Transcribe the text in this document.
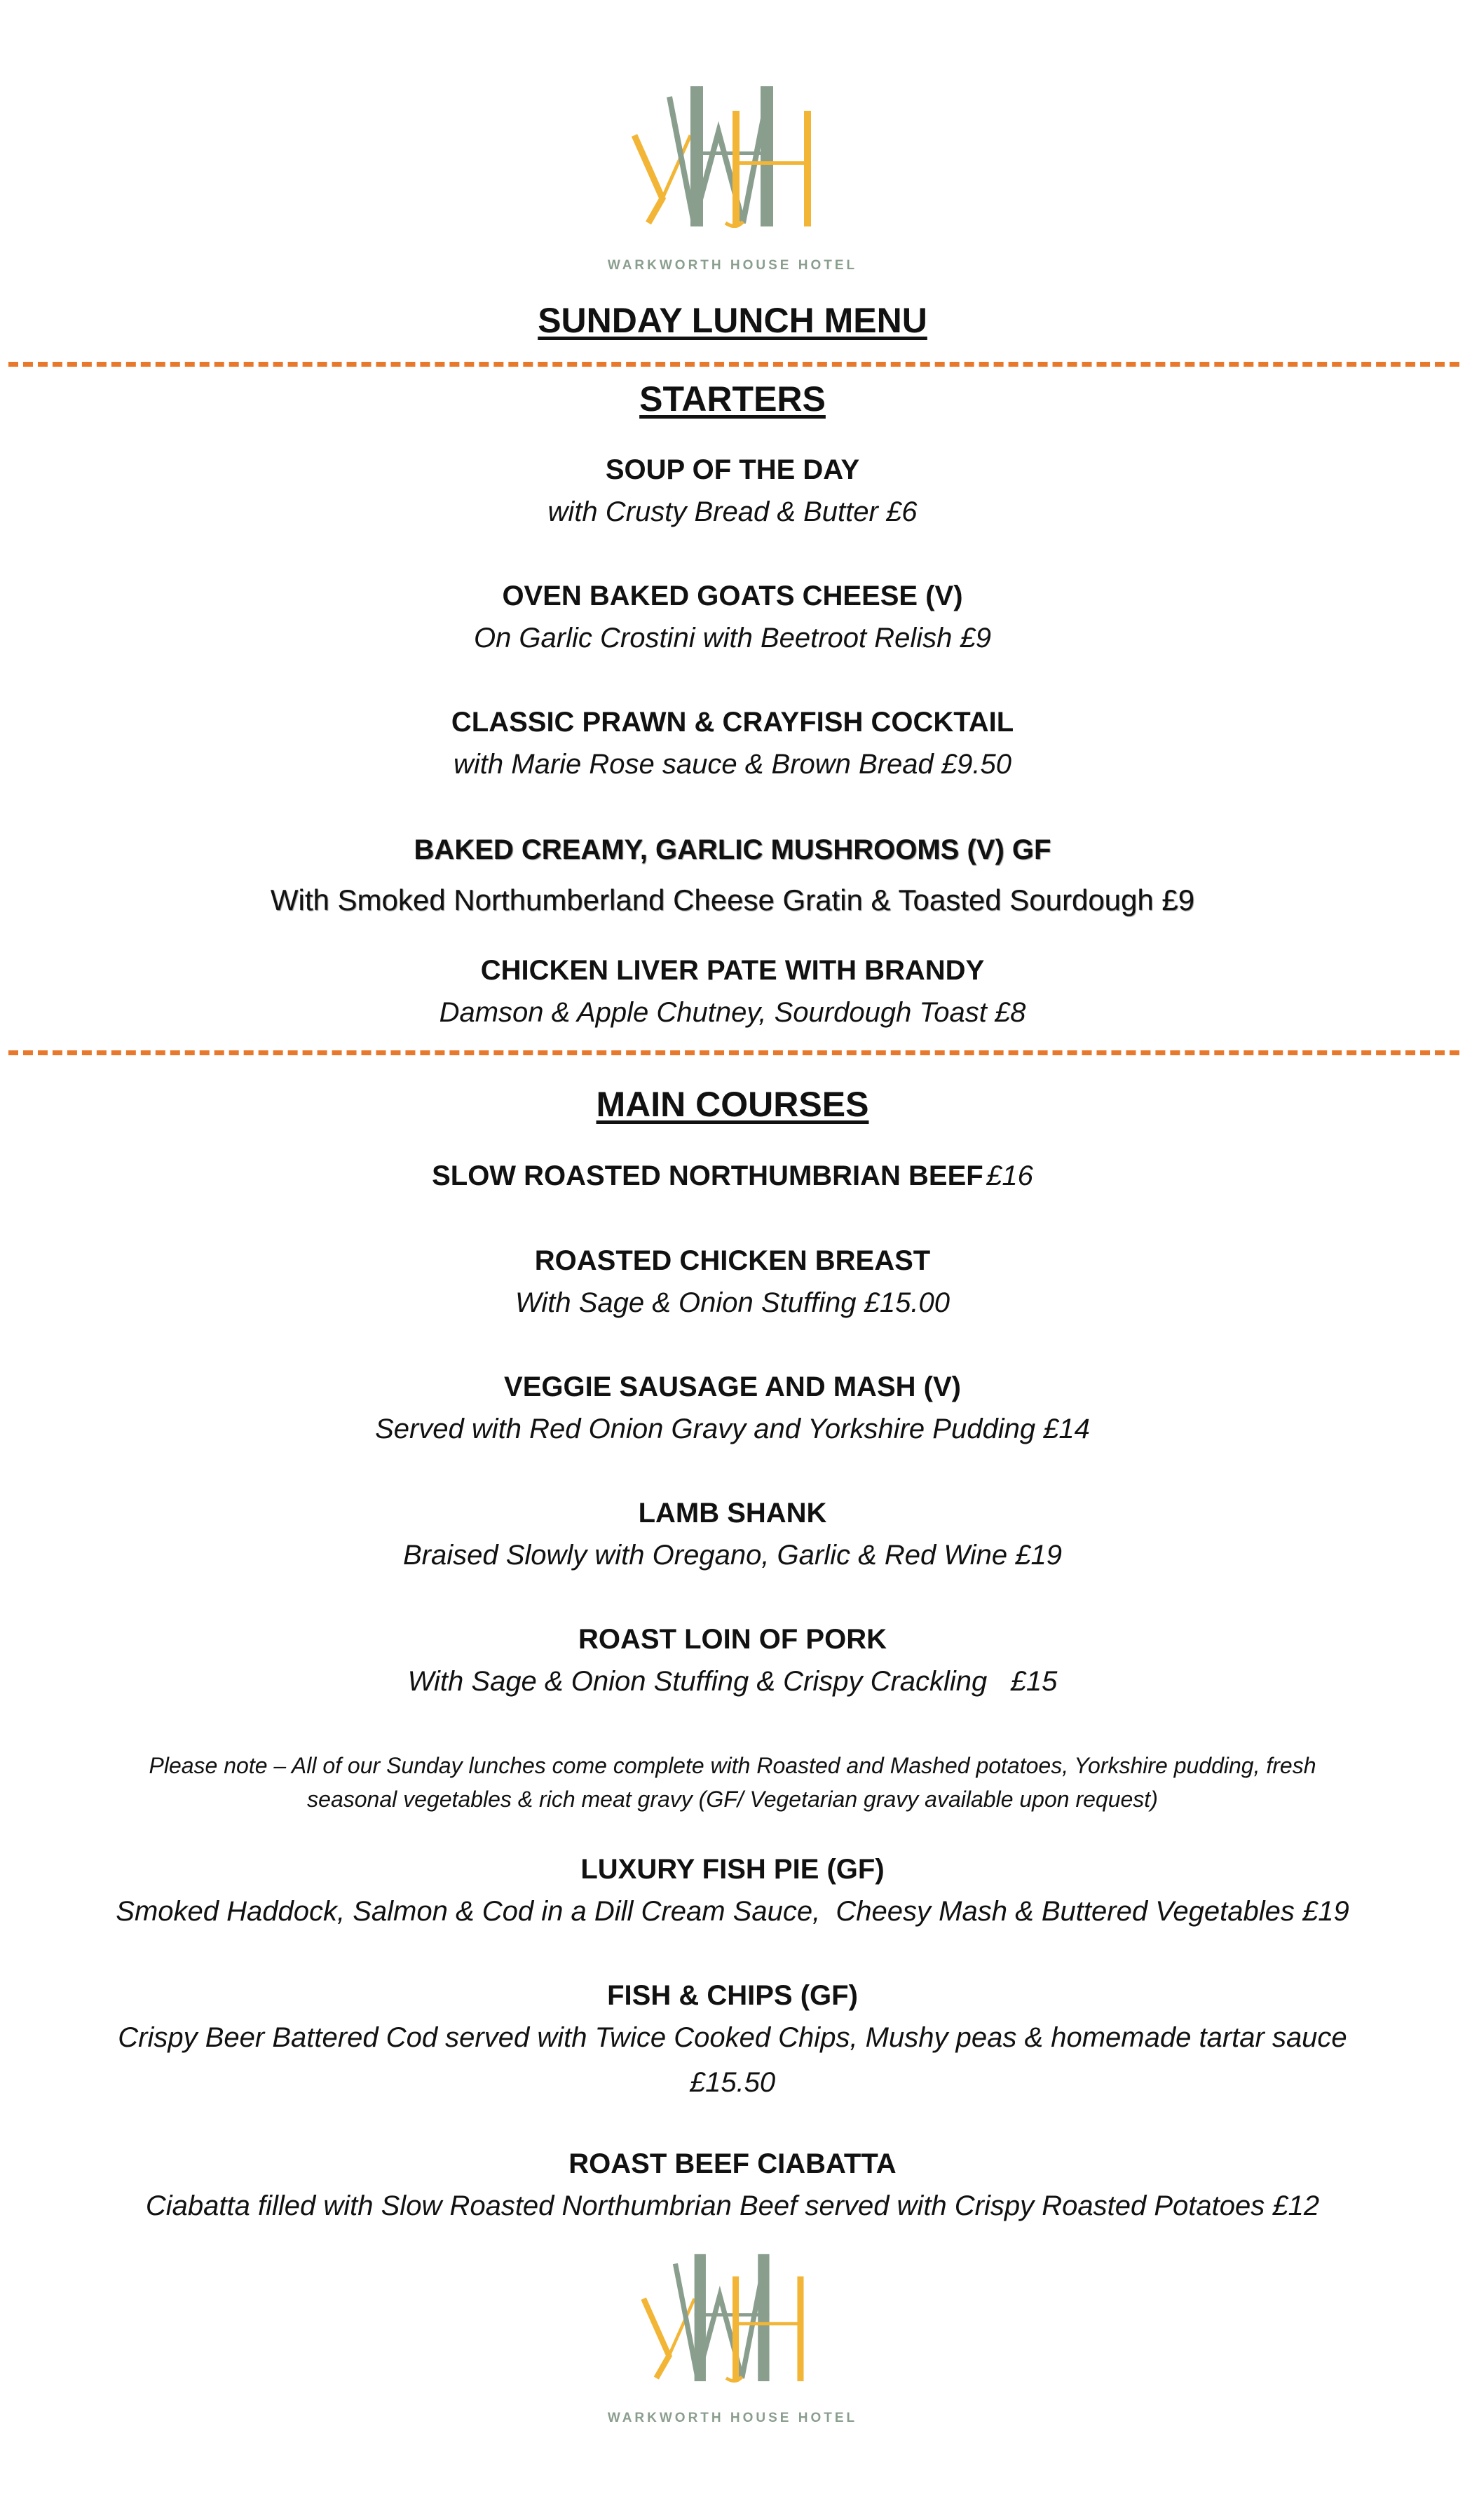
WARKWORTH HOUSE HOTEL
SUNDAY LUNCH MENU
STARTERS
SOUP OF THE DAY
with Crusty Bread & Butter £6
OVEN BAKED GOATS CHEESE (V)
On Garlic Crostini with Beetroot Relish £9
CLASSIC PRAWN & CRAYFISH COCKTAIL
with Marie Rose sauce & Brown Bread £9.50
BAKED CREAMY, GARLIC MUSHROOMS (V) GF
With Smoked Northumberland Cheese Gratin & Toasted Sourdough £9
CHICKEN LIVER PATE WITH BRANDY
Damson & Apple Chutney, Sourdough Toast £8
MAIN COURSES
SLOW ROASTED NORTHUMBRIAN BEEF £16
ROASTED CHICKEN BREAST
With Sage & Onion Stuffing £15.00
VEGGIE SAUSAGE AND MASH (V)
Served with Red Onion Gravy and Yorkshire Pudding £14
LAMB SHANK
Braised Slowly with Oregano, Garlic & Red Wine £19
ROAST LOIN OF PORK
With Sage & Onion Stuffing & Crispy Crackling   £15
Please note – All of our Sunday lunches come complete with Roasted and Mashed potatoes, Yorkshire pudding, fresh
seasonal vegetables & rich meat gravy (GF/ Vegetarian gravy available upon request)
LUXURY FISH PIE (GF)
Smoked Haddock, Salmon & Cod in a Dill Cream Sauce,  Cheesy Mash & Buttered Vegetables £19
FISH & CHIPS (GF)
Crispy Beer Battered Cod served with Twice Cooked Chips, Mushy peas & homemade tartar sauce
£15.50
ROAST BEEF CIABATTA
Ciabatta filled with Slow Roasted Northumbrian Beef served with Crispy Roasted Potatoes £12
WARKWORTH HOUSE HOTEL
